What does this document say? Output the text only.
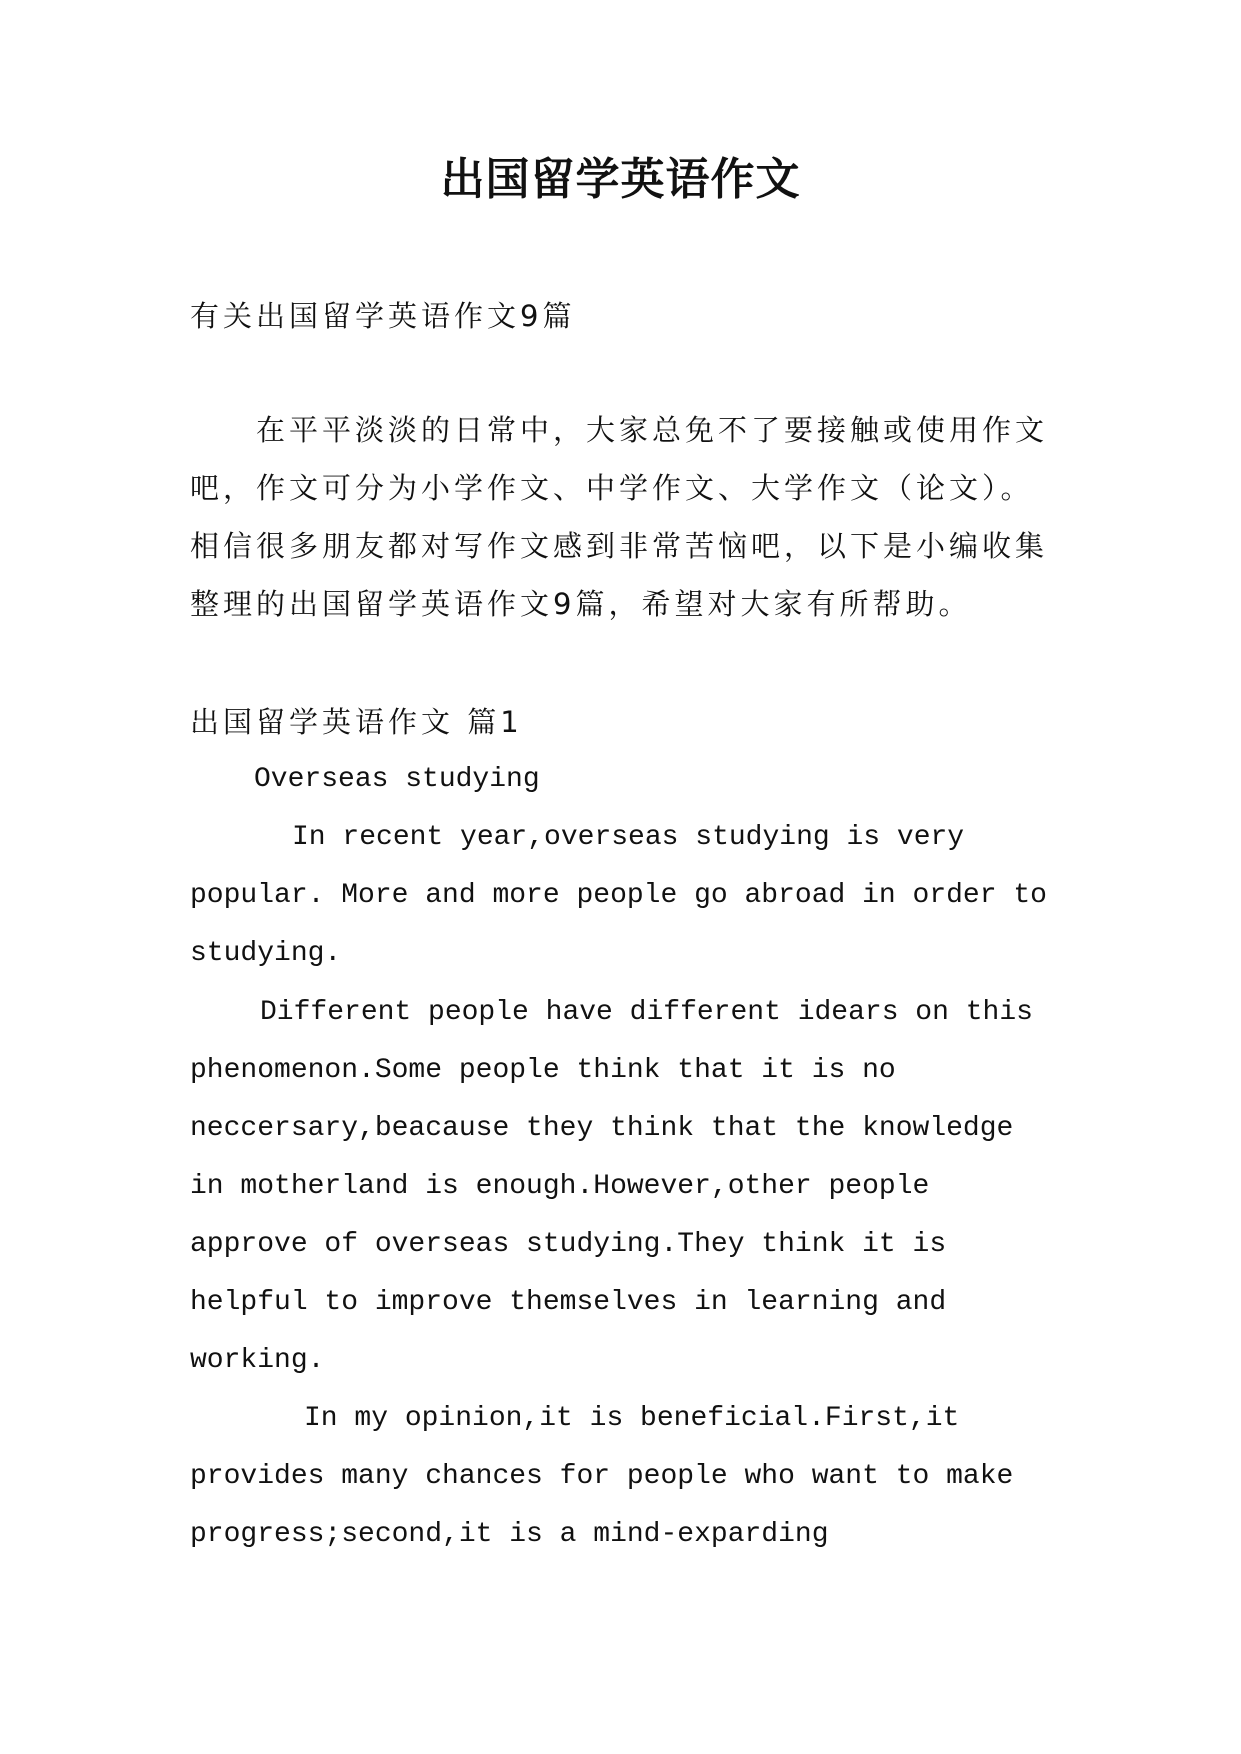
出国留学英语作文
有关出国留学英语作文9篇
在平平淡淡的日常中，大家总免不了要接触或使用作文
吧，作文可分为小学作文、中学作文、大学作文（论文）。
相信很多朋友都对写作文感到非常苦恼吧，以下是小编收集
整理的出国留学英语作文9篇，希望对大家有所帮助。
出国留学英语作文 篇1
Overseas studying
In recent year,overseas studying is very
popular. More and more people go abroad in order to
studying.
Different people have different idears on this
phenomenon.Some people think that it is no
neccersary,beacause they think that the knowledge
in motherland is enough.However,other people
approve of overseas studying.They think it is
helpful to improve themselves in learning and
working.
In my opinion,it is beneficial.First,it
provides many chances for people who want to make
progress;second,it is a mind-exparding
